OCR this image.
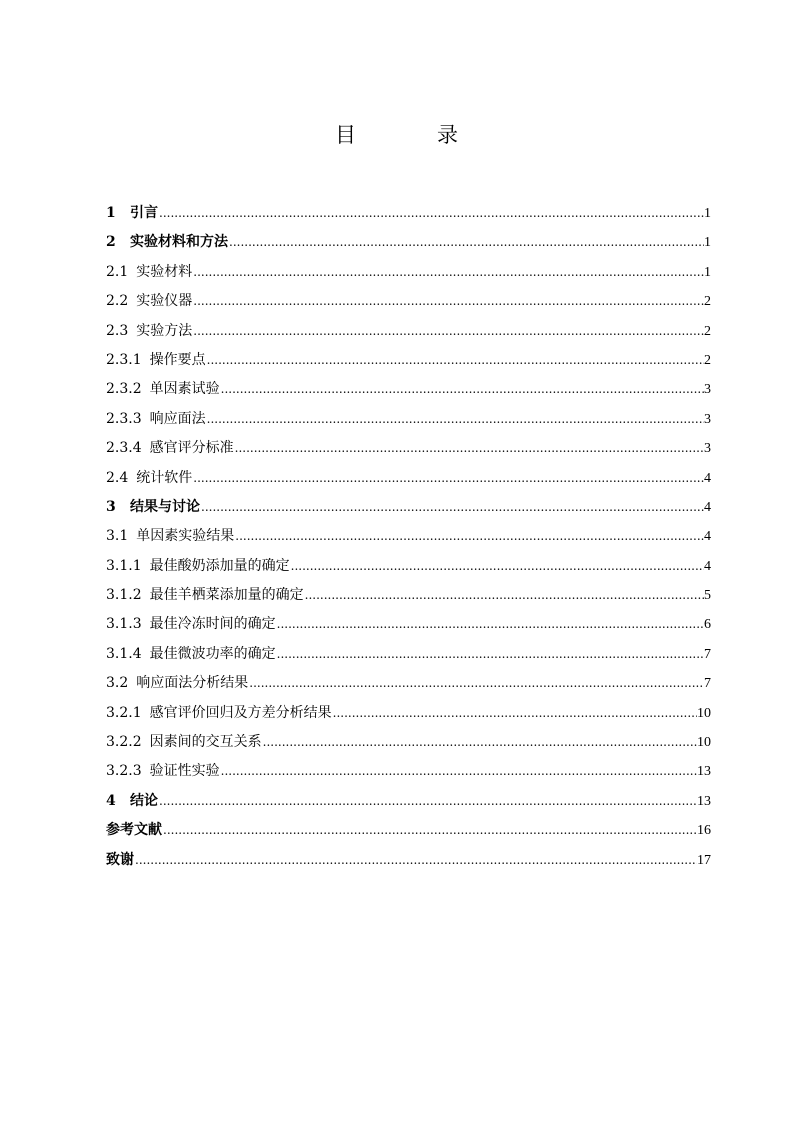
目　录
1	引言 .....	1
2	实验材料和方法 .....	1
2.1 实验材料 .....	1
2.2 实验仪器 .....	2
2.3 实验方法 .....	2
2.3.1 操作要点 .....	2
2.3.2 单因素试验 .....	3
2.3.3 响应面法 .....	3
2.3.4 感官评分标准 .....	3
2.4 统计软件 .....	4
3	结果与讨论 .....	4
3.1 单因素实验结果 .....	4
3.1.1 最佳酸奶添加量的确定 .....	4
3.1.2 最佳羊栖菜添加量的确定 .....	5
3.1.3 最佳冷冻时间的确定 .....	6
3.1.4 最佳微波功率的确定 .....	7
3.2 响应面法分析结果 .....	7
3.2.1 感官评价回归及方差分析结果 .....	10
3.2.2 因素间的交互关系 .....	10
3.2.3 验证性实验 .....	13
4	结论 .....	13
参考文献 .....	16
致谢 .....	17
